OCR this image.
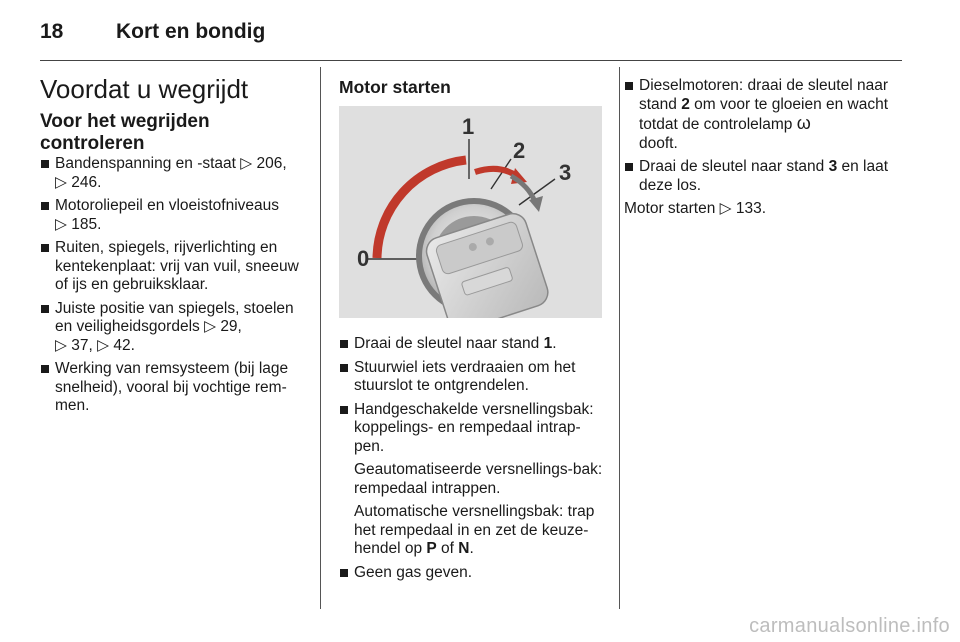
18	Kort en bondig
Voordat u wegrijdt
Voor het wegrijden controleren
Bandenspanning en -staat ▷ 206,
▷ 246.
Motoroliepeil en vloeistofniveaus
▷ 185.
Ruiten, spiegels, rijverlichting en kentekenplaat: vrij van vuil, sneeuw of ijs en gebruiksklaar.
Juiste positie van spiegels, stoelen en veiligheidsgordels ▷ 29,
▷ 37, ▷ 42.
Werking van remsysteem (bij lage snelheid), vooral bij vochtige rem-men.
Motor starten
0
1
2
3
Draai de sleutel naar stand 1.
Stuurwiel iets verdraaien om het stuurslot te ontgrendelen.
Handgeschakelde versnellingsbak: koppelings- en rempedaal intrap-pen.

Geautomatiseerde versnellings-bak: rempedaal intrappen.

Automatische versnellingsbak: trap het rempedaal in en zet de keuze-hendel op P of N.

Geen gas geven.
Dieselmotoren: draai de sleutel naar stand 2 om voor te gloeien en wacht totdat de controlelamp ω
dooft.
Draai de sleutel naar stand 3 en laat deze los.

Motor starten ▷ 133.

carmanualsonline.info
